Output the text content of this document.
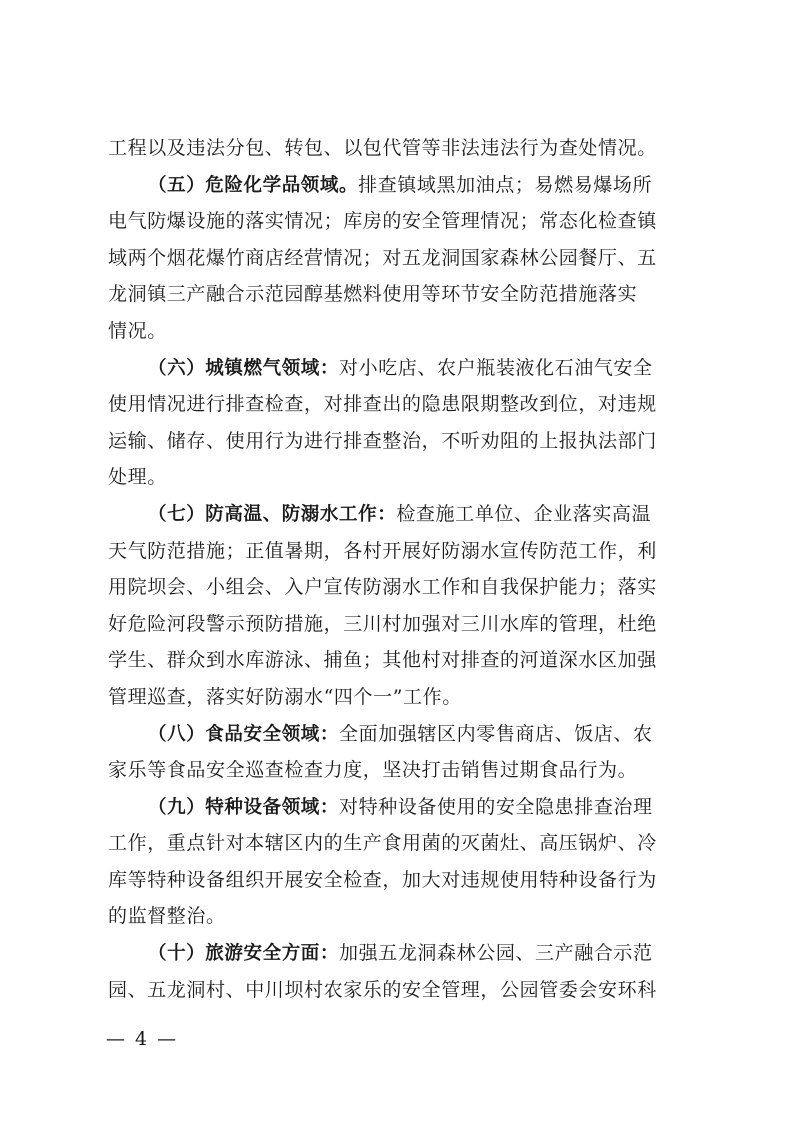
工程以及违法分包、转包、以包代管等非法违法行为查处情况。
（五）危险化学品领域。排查镇域黑加油点；易燃易爆场所
电气防爆设施的落实情况；库房的安全管理情况；常态化检查镇
域两个烟花爆竹商店经营情况；对五龙洞国家森林公园餐厅、五
龙洞镇三产融合示范园醇基燃料使用等环节安全防范措施落实
情况。
（六）城镇燃气领域：对小吃店、农户瓶装液化石油气安全
使用情况进行排查检查，对排查出的隐患限期整改到位，对违规
运输、储存、使用行为进行排查整治，不听劝阻的上报执法部门
处理。
（七）防高温、防溺水工作：检查施工单位、企业落实高温
天气防范措施；正值暑期，各村开展好防溺水宣传防范工作，利
用院坝会、小组会、入户宣传防溺水工作和自我保护能力；落实
好危险河段警示预防措施，三川村加强对三川水库的管理，杜绝
学生、群众到水库游泳、捕鱼；其他村对排查的河道深水区加强
管理巡查，落实好防溺水“四个一”工作。
（八）食品安全领域：全面加强辖区内零售商店、饭店、农
家乐等食品安全巡查检查力度，坚决打击销售过期食品行为。
（九）特种设备领域：对特种设备使用的安全隐患排查治理
工作，重点针对本辖区内的生产食用菌的灭菌灶、高压锅炉、冷
库等特种设备组织开展安全检查，加大对违规使用特种设备行为
的监督整治。
（十）旅游安全方面：加强五龙洞森林公园、三产融合示范
园、五龙洞村、中川坝村农家乐的安全管理，公园管委会安环科
— 4 —
